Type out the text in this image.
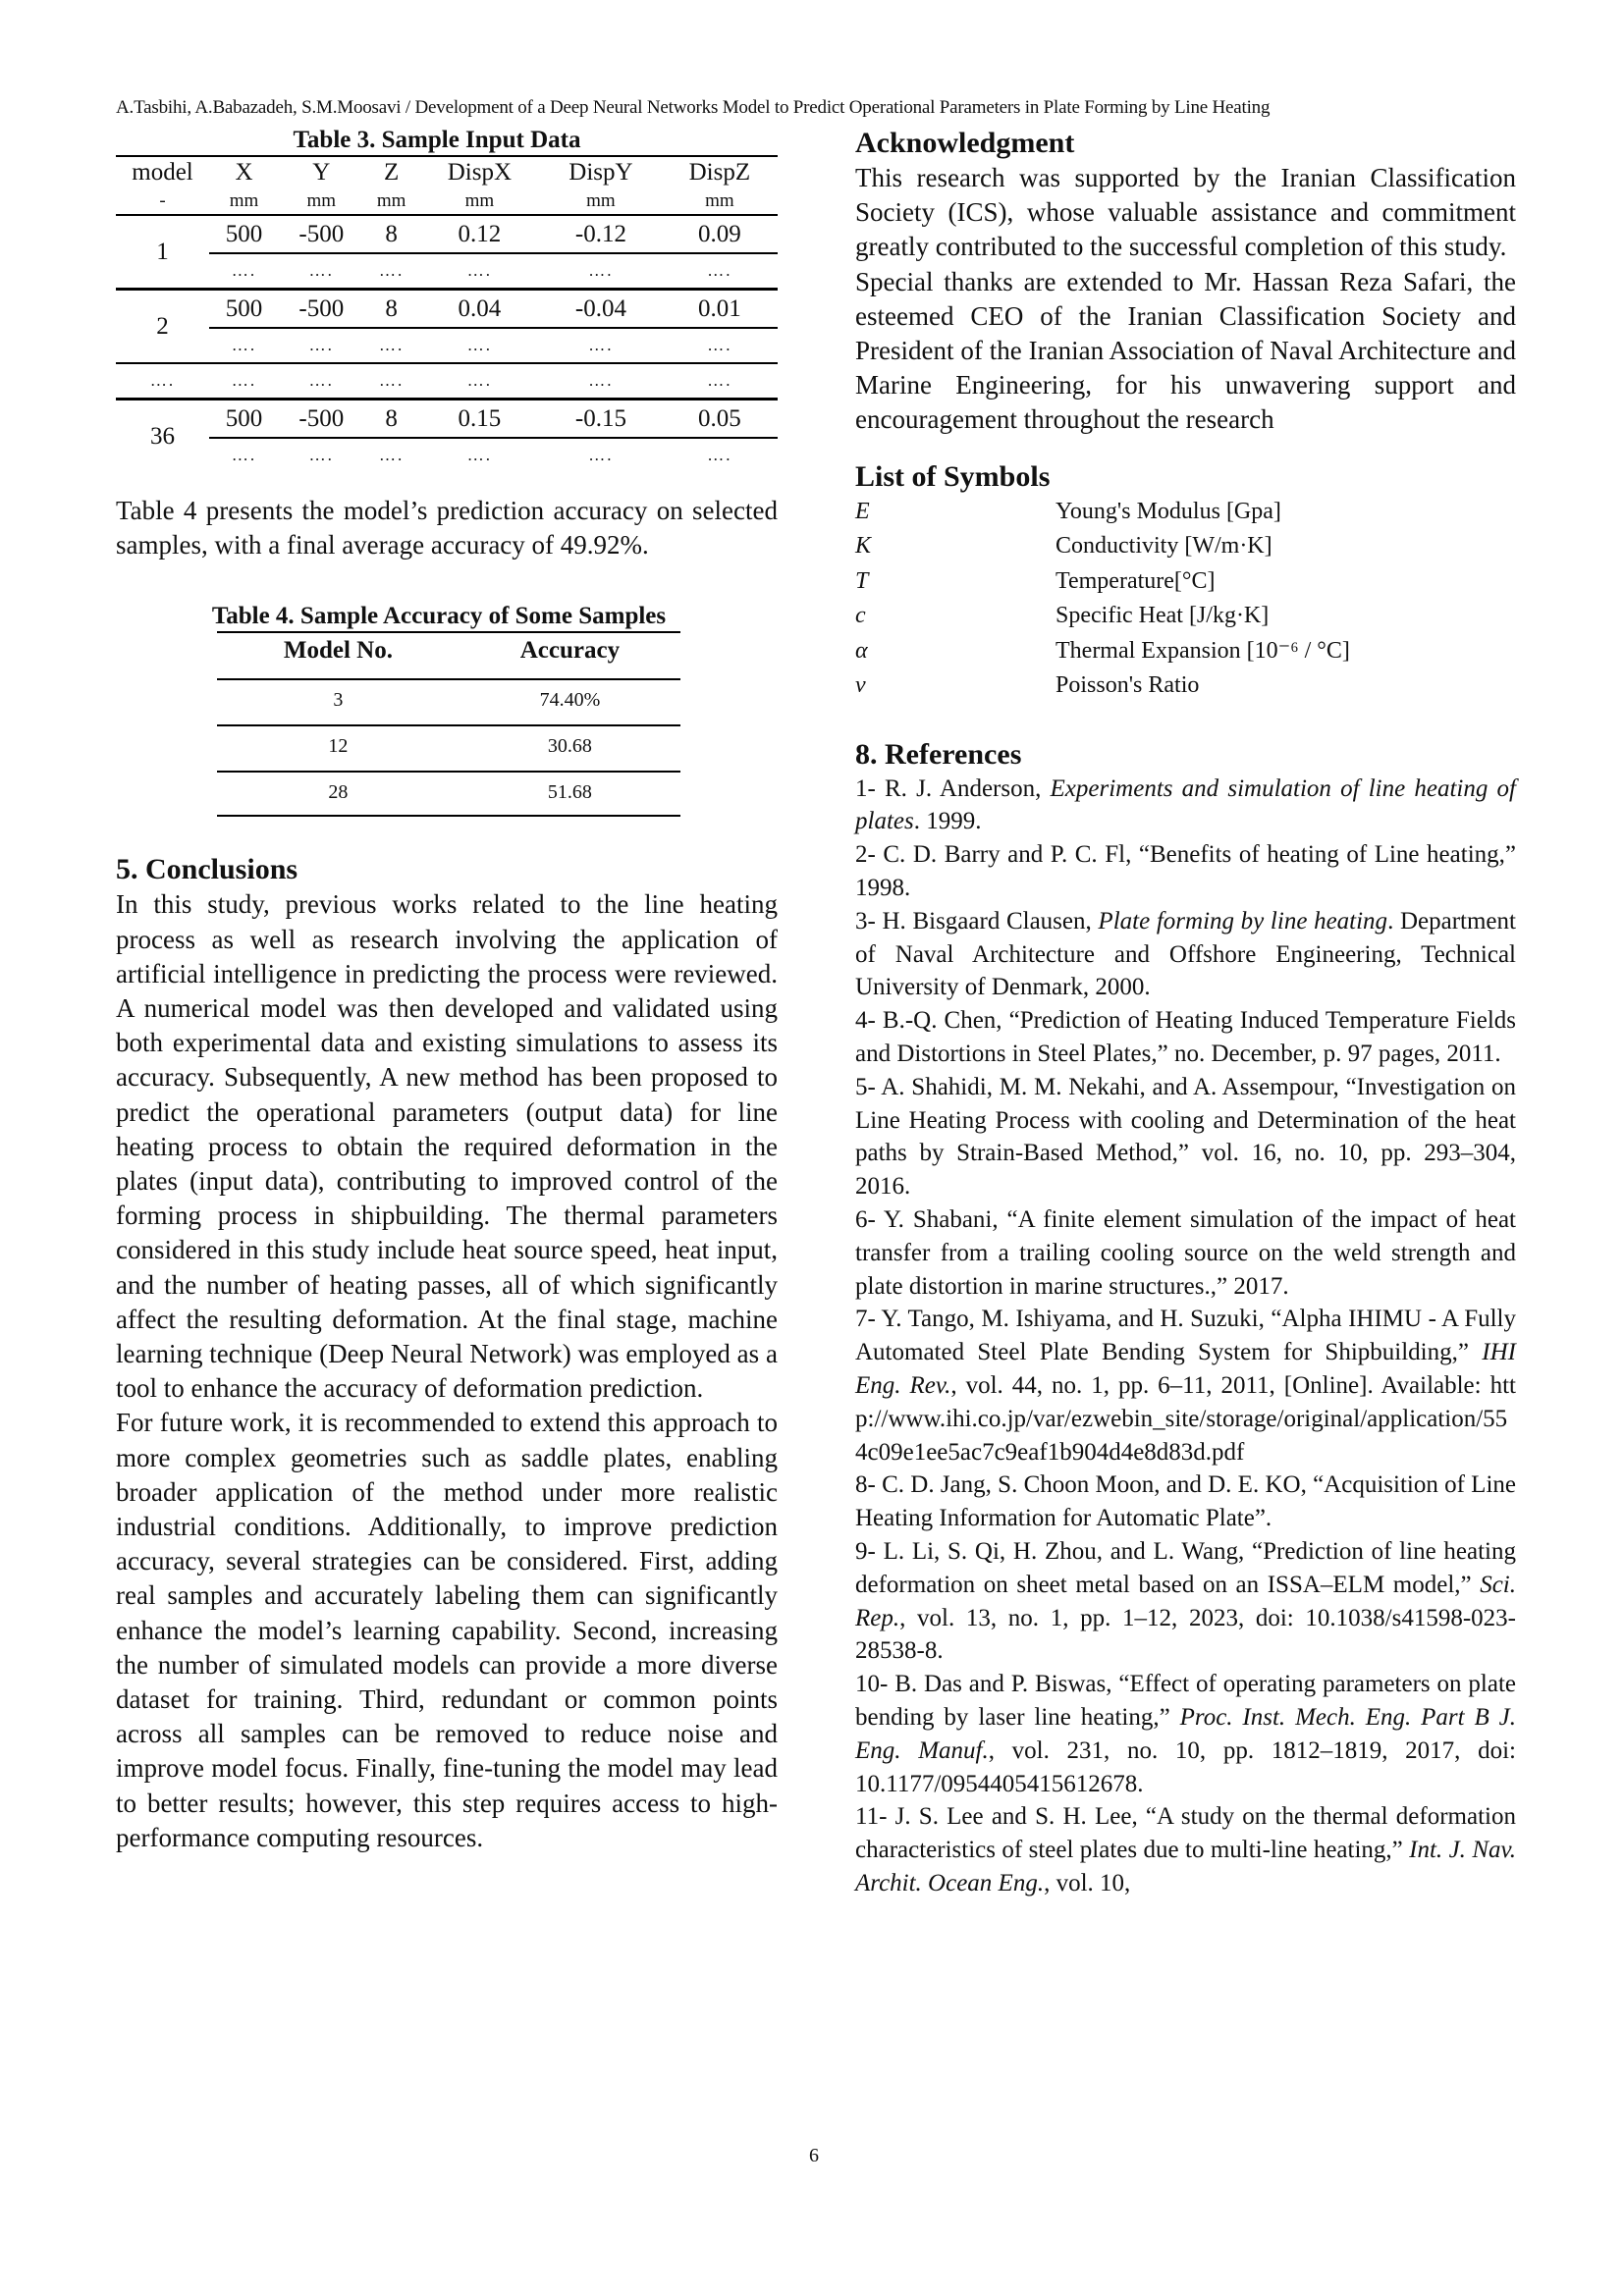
A.Tasbihi, A.Babazadeh, S.M.Moosavi / Development of a Deep Neural Networks Model to Predict Operational Parameters in Plate Forming by Line Heating
Table 3. Sample Input Data
model	X	Y	Z	DispX	DispY	DispZ
-	mm	mm	mm	mm	mm	mm
1	500	-500	8	0.12	-0.12	0.09
	….	….	….	….	….	….
2	500	-500	8	0.04	-0.04	0.01
	….	….	….	….	….	….
….	….	….	….	….	….	….
36	500	-500	8	0.15	-0.15	0.05
	….	….	….	….	….	….

Table 4 presents the model’s prediction accuracy on selected samples, with a final average accuracy of 49.92%.

Table 4. Sample Accuracy of Some Samples
Model No.	Accuracy
3	74.40%
12	30.68
28	51.68
5. Conclusions

In this study, previous works related to the line heating process as well as research involving the application of artificial intelligence in predicting the process were reviewed. A numerical model was then developed and validated using both experimental data and existing simulations to assess its accuracy. Subsequently, A new method has been proposed to predict the operational parameters (output data) for line heating process to obtain the required deformation in the plates (input data), contributing to improved control of the forming process in shipbuilding. The thermal parameters considered in this study include heat source speed, heat input, and the number of heating passes, all of which significantly affect the resulting deformation. At the final stage, machine learning technique (Deep Neural Network) was employed as a tool to enhance the accuracy of deformation prediction.

For future work, it is recommended to extend this approach to more complex geometries such as saddle plates, enabling broader application of the method under more realistic industrial conditions. Additionally, to improve prediction accuracy, several strategies can be considered. First, adding real samples and accurately labeling them can significantly enhance the model’s learning capability. Second, increasing the number of simulated models can provide a more diverse dataset for training. Third, redundant or common points across all samples can be removed to reduce noise and improve model focus. Finally, fine-tuning the model may lead to better results; however, this step requires access to high-performance computing resources.

Acknowledgment

This research was supported by the Iranian Classification Society (ICS), whose valuable assistance and commitment greatly contributed to the successful completion of this study.

Special thanks are extended to Mr. Hassan Reza Safari, the esteemed CEO of the Iranian Classification Society and President of the Iranian Association of Naval Architecture and Marine Engineering, for his unwavering support and encouragement throughout the research

List of Symbols
E	Young's Modulus [Gpa]
K	Conductivity [W/m·K]
T	Temperature[°C]
c	Specific Heat [J/kg·K]
α	Thermal Expansion [10⁻⁶ / °C]
ν	Poisson's Ratio
8. References

1- R. J. Anderson, Experiments and simulation of line heating of plates. 1999.

2- C. D. Barry and P. C. Fl, “Benefits of heating of Line heating,” 1998.

3- H. Bisgaard Clausen, Plate forming by line heating. Department of Naval Architecture and Offshore Engineering, Technical University of Denmark, 2000.

4- B.-Q. Chen, “Prediction of Heating Induced Temperature Fields and Distortions in Steel Plates,” no. December, p. 97 pages, 2011.

5- A. Shahidi, M. M. Nekahi, and A. Assempour, “Investigation on Line Heating Process with cooling and Determination of the heat paths by Strain-Based Method,” vol. 16, no. 10, pp. 293–304, 2016.

6- Y. Shabani, “A finite element simulation of the impact of heat transfer from a trailing cooling source on the weld strength and plate distortion in marine structures.,” 2017.

7- Y. Tango, M. Ishiyama, and H. Suzuki, “Alpha IHIMU - A Fully Automated Steel Plate Bending System for Shipbuilding,” IHI Eng. Rev., vol. 44, no. 1, pp. 6–11, 2011, [Online]. Available: http://www.ihi.co.jp/var/ezwebin_site/storage/original/application/554c09e1ee5ac7c9eaf1b904d4e8d83d.pdf

8- C. D. Jang, S. Choon Moon, and D. E. KO, “Acquisition of Line Heating Information for Automatic Plate”.

9- L. Li, S. Qi, H. Zhou, and L. Wang, “Prediction of line heating deformation on sheet metal based on an ISSA–ELM model,” Sci. Rep., vol. 13, no. 1, pp. 1–12, 2023, doi: 10.1038/s41598-023-28538-8.

10- B. Das and P. Biswas, “Effect of operating parameters on plate bending by laser line heating,” Proc. Inst. Mech. Eng. Part B J. Eng. Manuf., vol. 231, no. 10, pp. 1812–1819, 2017, doi: 10.1177/0954405415612678.

11- J. S. Lee and S. H. Lee, “A study on the thermal deformation characteristics of steel plates due to multi-line heating,” Int. J. Nav. Archit. Ocean Eng., vol. 10,

6
